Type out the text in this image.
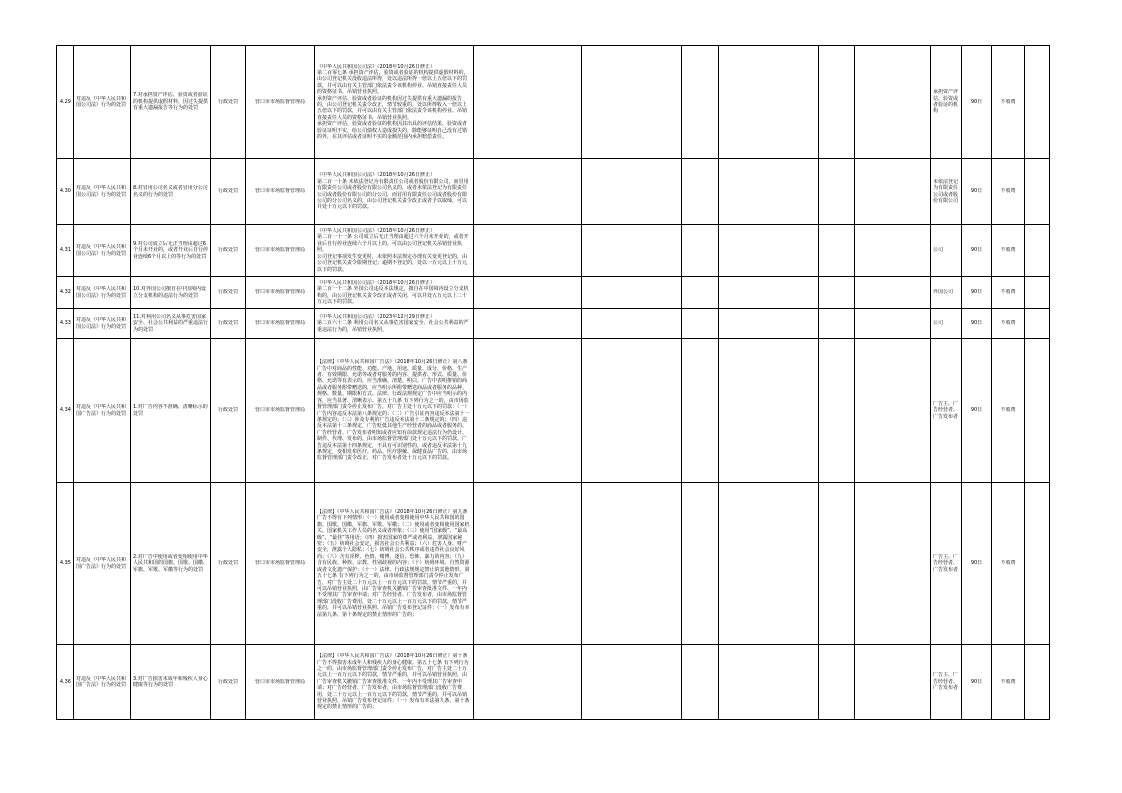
4.29	对违反《中华人民共和国公司法》行为的处罚	7.对承担资产评估、验资或者验证的机构提供虚假材料，因过失提供有重大遗漏报告等行为的处罚	行政处罚	营口市市场监督管理局	《中华人民共和国公司法》（2018年10月26日修正）
第二百零七条 承担资产评估、验资或者验证的机构提供虚假材料的，由公司登记机关没收违法所得，处以违法所得一倍以上五倍以下的罚款，并可以由有关主管部门依法责令该机构停业、吊销直接责任人员的资格证书，吊销营业执照。
承担资产评估、验资或者验证的机构因过失提供有重大遗漏的报告的，由公司登记机关责令改正，情节较重的，处以所得收入一倍以上五倍以下的罚款，并可以由有关主管部门依法责令该机构停业、吊销直接责任人员的资格证书，吊销营业执照。
承担资产评估、验资或者验证的机构因其出具的评估结果、验资或者验证证明不实，给公司债权人造成损失的，除能够证明自己没有过错的外，在其评估或者证明不实的金额范围内承担赔偿责任。							承担资产评估、验资或者验证的机构	90日	不收费	

4.30	对违反《中华人民共和国公司法》行为的处罚	8.对冒用公司名义或者冒用分公司名义的行为的处罚	行政处罚	营口市市场监督管理局	《中华人民共和国公司法》（2018年10月26日修正）
第二百一十条 未依法登记为有限责任公司或者股份有限公司，而冒用有限责任公司或者股份有限公司名义的，或者未依法登记为有限责任公司或者股份有限公司的分公司，而冒用有限责任公司或者股份有限公司的分公司名义的，由公司登记机关责令改正或者予以取缔，可以并处十万元以下的罚款。							未依法登记为有限责任公司或者股份有限公司	90日	不收费	

4.31	对违反《中华人民共和国公司法》行为的处罚	9.对公司成立后无正当理由超过6个月未开业的，或者开业后自行停业连续6个月以上的等行为的处罚	行政处罚	营口市市场监督管理局	《中华人民共和国公司法》（2018年10月26日修正）
第二百一十一条 公司成立后无正当理由超过六个月未开业的，或者开业后自行停业连续六个月以上的，可以由公司登记机关吊销营业执照。
公司登记事项发生变更时，未依照本法规定办理有关变更登记的，由公司登记机关责令限期登记；逾期不登记的，处以一万元以上十万元以下的罚款。							公司	90日	不收费	

4.32	对违反《中华人民共和国公司法》行为的处罚	10.对外国公司擅自在中国境内设立分支机构的违法行为的处罚	行政处罚	营口市市场监督管理局	《中华人民共和国公司法》（2018年10月26日修正）
第二百一十二条 外国公司违反本法规定，擅自在中国境内设立分支机构的，由公司登记机关责令改正或者关闭，可以并处五万元以上二十万元以下的罚款。							外国公司	90日	不收费	

4.33	对违反《中华人民共和国公司法》行为的处罚	11.对利用公司名义从事危害国家安全、社会公共利益的严重违法行为的处罚	行政处罚	营口市市场监督管理局	《中华人民共和国公司法》（2023年12月29日修正）
第二百六十二条 利用公司名义从事危害国家安全、社会公共利益的严重违法行为的，吊销营业执照。							公司	90日	不收费	

4.34	对违反《中华人民共和国广告法》行为的处罚	1.对广告内容不准确、清晰标示的处罚	行政处罚	营口市市场监督管理局	【法律】《中华人民共和国广告法》（2018年10月26日修正）第八条 广告中对商品的性能、功能、产地、用途、质量、成分、价格、生产者、有效期限、允诺等或者对服务的内容、提供者、形式、质量、价格、允诺等有表示的，应当准确、清楚、明白。广告中表明推销的商品或者服务附带赠送的，应当明示所附带赠送商品或者服务的品种、规格、数量、期限和方式。法律、行政法规规定广告中应当明示的内容，应当显著、清晰表示。第五十九条 有下列行为之一的，由市场监督管理部门责令停止发布广告，对广告主处十万元以下的罚款：（一）广告内容违反本法第八条规定的；（二）广告引证内容违反本法第十一条规定的；（三）涉及专利的广告违反本法第十二条规定的；（四）违反本法第十三条规定，广告贬低其他生产经营者的商品或者服务的。广告经营者、广告发布者明知或者应知有前款规定违法行为仍设计、制作、代理、发布的，由市场监督管理部门处十万元以下的罚款。广告违反本法第十四条规定，不具有可识别性的，或者违反本法第十九条规定，变相发布医疗、药品、医疗器械、保健食品广告的，由市场监督管理部门责令改正，对广告发布者处十万元以下的罚款。							广告主、广告经营者、广告发布者	90日	不收费	

4.35	对违反《中华人民共和国广告法》行为的处罚	2.对广告中使用或者变相使用中华人民共和国的国旗、国歌、国徽、军旗、军歌、军徽等行为的处罚	行政处罚	营口市市场监督管理局	【法律】《中华人民共和国广告法》（2018年10月26日修正）第九条 广告不得有下列情形：（一）使用或者变相使用中华人民共和国的国旗、国歌、国徽，军旗、军歌、军徽；（二）使用或者变相使用国家机关、国家机关工作人员的名义或者形象；（三）使用“国家级”、“最高级”、“最佳”等用语；（四）损害国家的尊严或者利益，泄露国家秘密；（五）妨碍社会安定，损害社会公共利益；（六）危害人身、财产安全，泄露个人隐私；（七）妨碍社会公共秩序或者违背社会良好风尚；（八）含有淫秽、色情、赌博、迷信、恐怖、暴力的内容；（九）含有民族、种族、宗教、性别歧视的内容；（十）妨碍环境、自然资源或者文化遗产保护；（十一）法律、行政法规规定禁止的其他情形。第五十七条 有下列行为之一的，由市场监督管理部门责令停止发布广告，对广告主处二十万元以上一百万元以下的罚款，情节严重的，并可以吊销营业执照，由广告审查机关撤销广告审查批准文件、一年内不受理其广告审查申请；对广告经营者、广告发布者，由市场监督管理部门没收广告费用，处二十万元以上一百万元以下的罚款，情节严重的，并可以吊销营业执照、吊销广告发布登记证件：（一）发布有本法第九条、第十条规定的禁止情形的广告的；							广告主、广告经营者、广告发布者	90日	不收费	

4.36	对违反《中华人民共和国广告法》行为的处罚	3.对广告损害未成年和残疾人身心健康等行为的处罚	行政处罚	营口市市场监督管理局	【法律】《中华人民共和国广告法》（2018年10月26日修正）第十条 广告不得损害未成年人和残疾人的身心健康。第五十七条 有下列行为之一的，由市场监督管理部门责令停止发布广告，对广告主处二十万元以上一百万元以下的罚款，情节严重的，并可以吊销营业执照，由广告审查机关撤销广告审查批准文件、一年内不受理其广告审查申请；对广告经营者、广告发布者，由市场监督管理部门没收广告费用，处二十万元以上一百万元以下的罚款，情节严重的，并可以吊销营业执照、吊销广告发布登记证件：（一）发布有本法第九条、第十条规定的禁止情形的广告的；							广告主、广告经营者、广告发布者	90日	不收费	
